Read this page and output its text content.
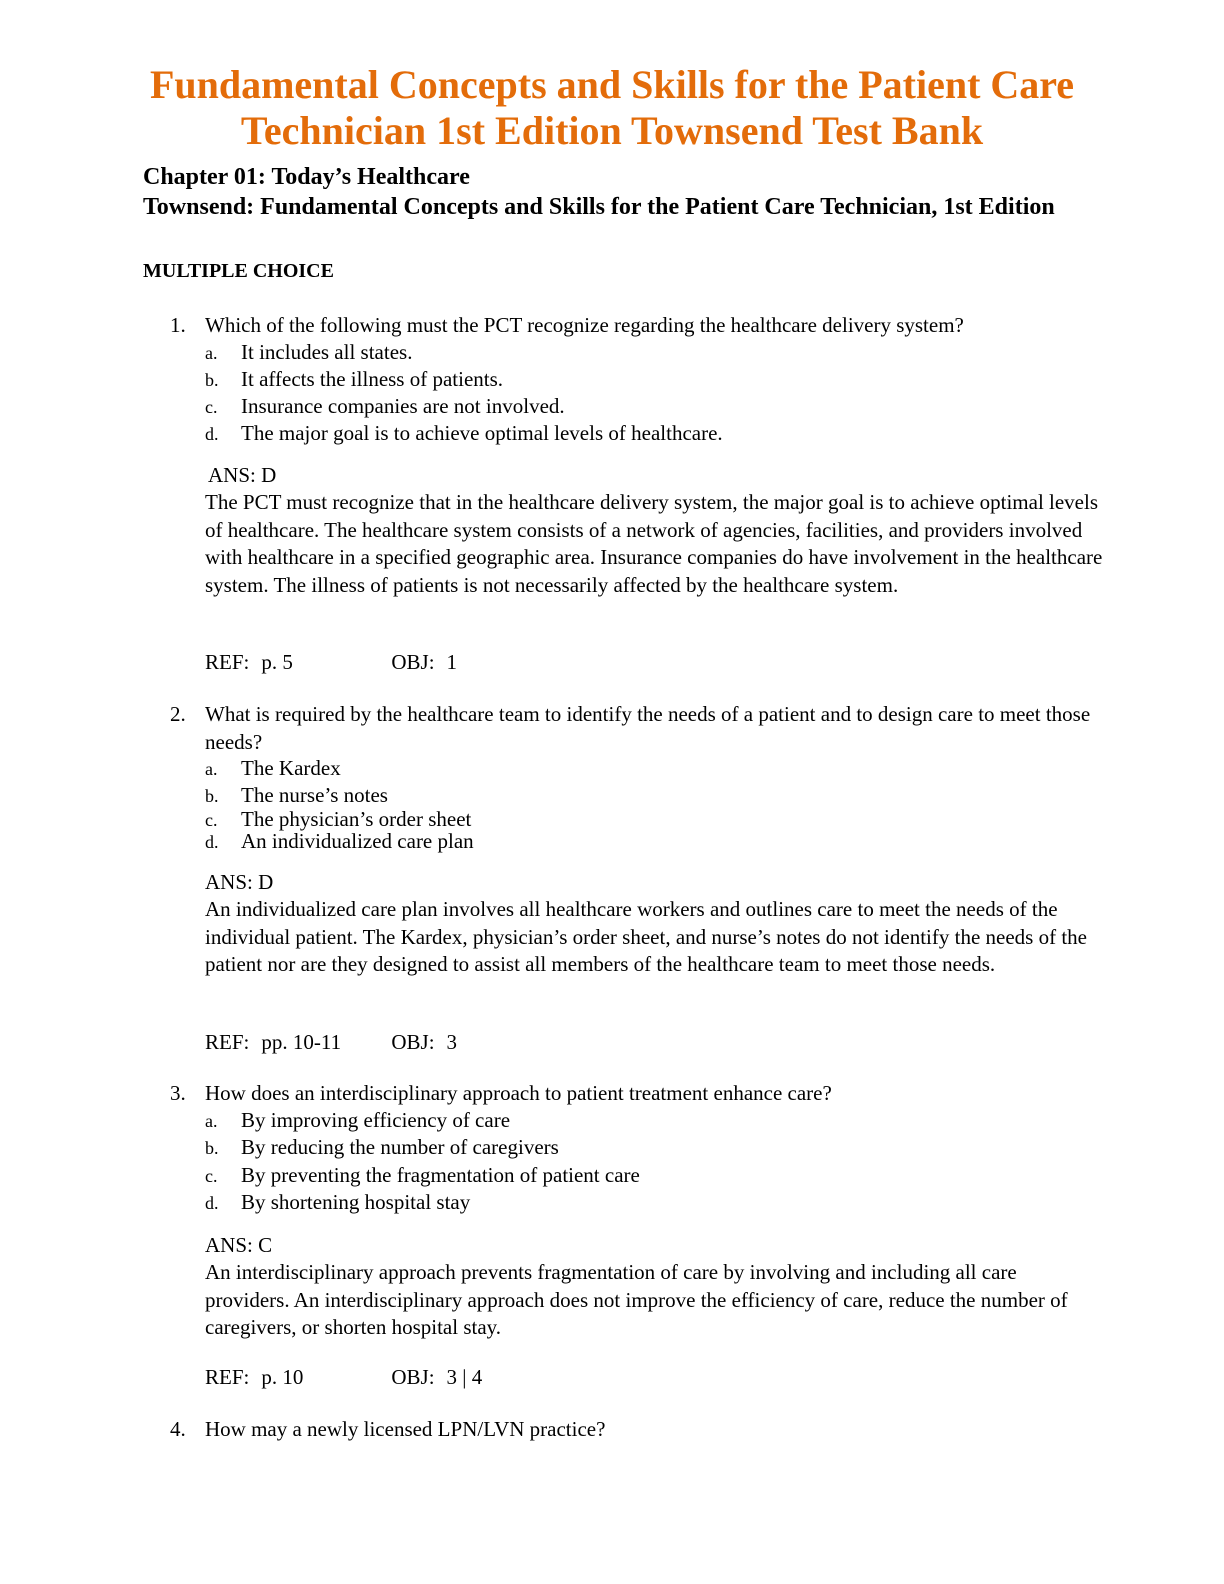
Fundamental Concepts and Skills for the Patient Care
Technician 1st Edition Townsend Test Bank
Chapter 01: Today’s Healthcare
Townsend: Fundamental Concepts and Skills for the Patient Care Technician, 1st Edition
MULTIPLE CHOICE
1. Which of the following must the PCT recognize regarding the healthcare delivery system?
a. It includes all states.
b. It affects the illness of patients.
c. Insurance companies are not involved.
d. The major goal is to achieve optimal levels of healthcare.
ANS: D
The PCT must recognize that in the healthcare delivery system, the major goal is to achieve optimal levels of healthcare. The healthcare system consists of a network of agencies, facilities, and providers involved with healthcare in a specified geographic area. Insurance companies do have involvement in the healthcare system. The illness of patients is not necessarily affected by the healthcare system.
REF: p. 5	OBJ: 1
2. What is required by the healthcare team to identify the needs of a patient and to design care to meet those needs?
a. The Kardex
b. The nurse’s notes
c. The physician’s order sheet
d. An individualized care plan
ANS: D
An individualized care plan involves all healthcare workers and outlines care to meet the needs of the individual patient. The Kardex, physician’s order sheet, and nurse’s notes do not identify the needs of the patient nor are they designed to assist all members of the healthcare team to meet those needs.
REF: pp. 10-11 OBJ: 3
3. How does an interdisciplinary approach to patient treatment enhance care?
a. By improving efficiency of care
b. By reducing the number of caregivers
c. By preventing the fragmentation of patient care
d. By shortening hospital stay
ANS: C
An interdisciplinary approach prevents fragmentation of care by involving and including all care providers. An interdisciplinary approach does not improve the efficiency of care, reduce the number of caregivers, or shorten hospital stay.
REF: p. 10	OBJ: 3 | 4
4. How may a newly licensed LPN/LVN practice?
